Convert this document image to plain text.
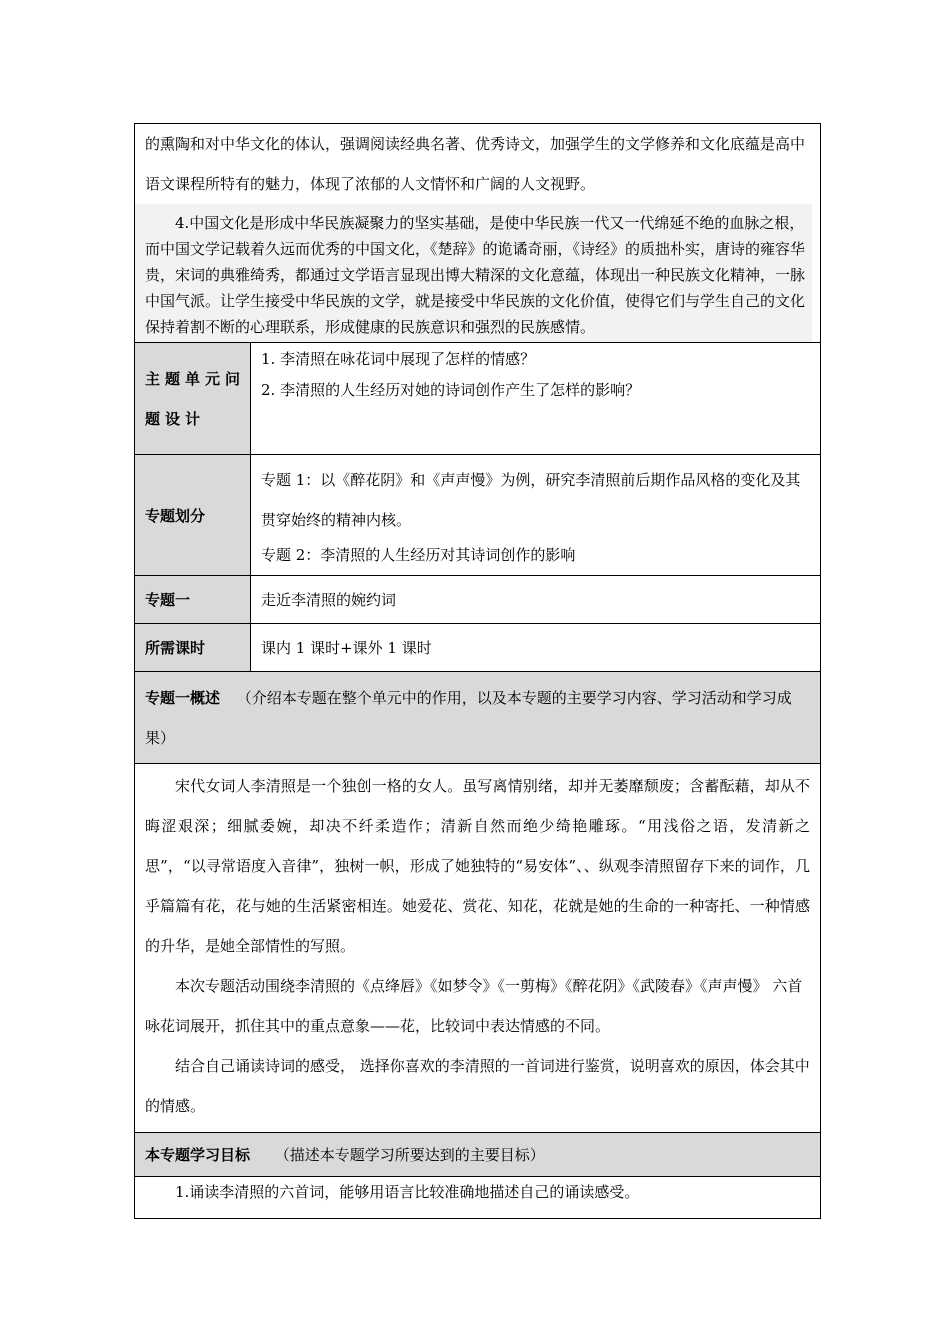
的熏陶和对中华文化的体认，强调阅读经典名著、优秀诗文，加强学生的文学修养和文化底蕴是高中语文课程所特有的魅力，体现了浓郁的人文情怀和广阔的人文视野。

4.中国文化是形成中华民族凝聚力的坚实基础，是使中华民族一代又一代绵延不绝的血脉之根，而中国文学记载着久远而优秀的中国文化，《楚辞》的诡谲奇丽，《诗经》的质拙朴实，唐诗的雍容华贵，宋词的典雅绮秀，都通过文学语言显现出博大精深的文化意蕴，体现出一种民族文化精神，一脉中国气派。让学生接受中华民族的文学，就是接受中华民族的文化价值，使得它们与学生自己的文化保持着割不断的心理联系，形成健康的民族意识和强烈的民族感情。	

主题单元问题设计	1. 李清照在咏花词中展现了怎样的情感？
2. 李清照的人生经历对她的诗词创作产生了怎样的影响？

专题划分	专题 1：以《醉花阴》和《声声慢》为例，研究李清照前后期作品风格的变化及其贯穿始终的精神内核。
专题 2：李清照的人生经历对其诗词创作的影响

专题一	走近李清照的婉约词
所需课时	课内 1 课时+课外 1 课时

专题一概述 （介绍本专题在整个单元中的作用，以及本专题的主要学习内容、学习活动和学习成果）	

宋代女词人李清照是一个独创一格的女人。虽写离情别绪，却并无萎靡颓废；含蓄酝藉，却从不晦涩艰深；细腻委婉，却决不纤柔造作；清新自然而绝少绮艳雕琢。“用浅俗之语，发清新之思”，“以寻常语度入音律”，独树一帜，形成了她独特的“易安体”、、纵观李清照留存下来的词作，几乎篇篇有花，花与她的生活紧密相连。她爱花、赏花、知花，花就是她的生命的一种寄托、一种情感的升华，是她全部情性的写照。

本次专题活动围绕李清照的《点绛唇》《如梦令》《一剪梅》《醉花阴》《武陵春》《声声慢》 六首咏花词展开，抓住其中的重点意象——花，比较词中表达情感的不同。

结合自己诵读诗词的感受， 选择你喜欢的李清照的一首词进行鉴赏，说明喜欢的原因，体会其中的情感。	

本专题学习目标 （描述本专题学习所要达到的主要目标）	

1.诵读李清照的六首词，能够用语言比较准确地描述自己的诵读感受。	
